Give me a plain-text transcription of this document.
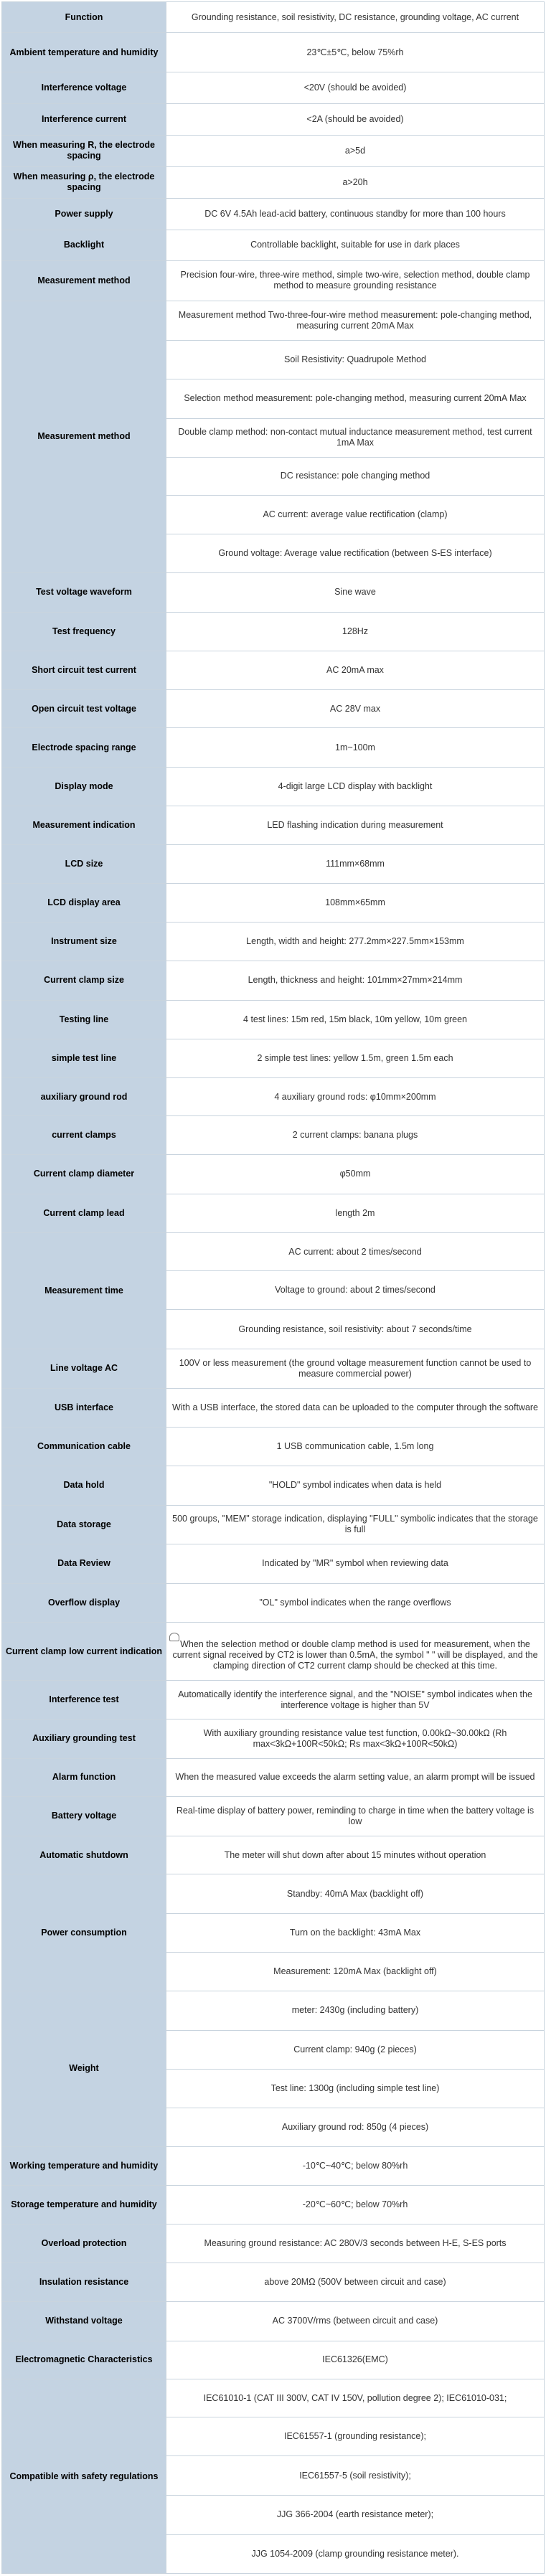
Function	Grounding resistance, soil resistivity, DC resistance, grounding voltage, AC current
Ambient temperature and humidity	23℃±5℃, below 75%rh
Interference voltage	<20V (should be avoided)
Interference current	<2A (should be avoided)
When measuring R, the electrode spacing	a>5d
When measuring ρ, the electrode spacing	a>20h
Power supply	DC 6V 4.5Ah lead-acid battery, continuous standby for more than 100 hours
Backlight	Controllable backlight, suitable for use in dark places
Measurement method	Precision four-wire, three-wire method, simple two-wire, selection method, double clamp method to measure grounding resistance
Measurement method	Measurement method Two-three-four-wire method measurement: pole-changing method, measuring current 20mA Max
	Soil Resistivity: Quadrupole Method
	Selection method measurement: pole-changing method, measuring current 20mA Max
	Double clamp method: non-contact mutual inductance measurement method, test current 1mA Max
	DC resistance: pole changing method
	AC current: average value rectification (clamp)
	Ground voltage: Average value rectification (between S-ES interface)
Test voltage waveform	Sine wave
Test frequency	128Hz
Short circuit test current	AC 20mA max
Open circuit test voltage	AC 28V max
Electrode spacing range	1m~100m
Display mode	4-digit large LCD display with backlight
Measurement indication	LED flashing indication during measurement
LCD size	111mm×68mm
LCD display area	108mm×65mm
Instrument size	Length, width and height: 277.2mm×227.5mm×153mm
Current clamp size	Length, thickness and height: 101mm×27mm×214mm
Testing line	4 test lines: 15m red, 15m black, 10m yellow, 10m green
simple test line	2 simple test lines: yellow 1.5m, green 1.5m each
auxiliary ground rod	4 auxiliary ground rods: φ10mm×200mm
current clamps	2 current clamps: banana plugs
Current clamp diameter	φ50mm
Current clamp lead	length 2m
Measurement time	AC current: about 2 times/second
	Voltage to ground: about 2 times/second
	Grounding resistance, soil resistivity: about 7 seconds/time
Line voltage AC	100V or less measurement (the ground voltage measurement function cannot be used to measure commercial power)
USB interface	With a USB interface, the stored data can be uploaded to the computer through the software
Communication cable	1 USB communication cable, 1.5m long
Data hold	"HOLD" symbol indicates when data is held
Data storage	500 groups, "MEM" storage indication, displaying "FULL" symbolic indicates that the storage is full
Data Review	Indicated by "MR" symbol when reviewing data
Overflow display	"OL" symbol indicates when the range overflows
Current clamp low current indication	When the selection method or double clamp method is used for measurement, when the current signal received by CT2 is lower than 0.5mA, the symbol " " will be displayed, and the clamping direction of CT2 current clamp should be checked at this time.
Interference test	Automatically identify the interference signal, and the "NOISE" symbol indicates when the interference voltage is higher than 5V
Auxiliary grounding test	With auxiliary grounding resistance value test function, 0.00kΩ~30.00kΩ (Rh max<3kΩ+100R<50kΩ; Rs max<3kΩ+100R<50kΩ)
Alarm function	When the measured value exceeds the alarm setting value, an alarm prompt will be issued
Battery voltage	Real-time display of battery power, reminding to charge in time when the battery voltage is low
Automatic shutdown	The meter will shut down after about 15 minutes without operation
Power consumption	Standby: 40mA Max (backlight off)
	Turn on the backlight: 43mA Max
	Measurement: 120mA Max (backlight off)
Weight	meter: 2430g (including battery)
	Current clamp: 940g (2 pieces)
	Test line: 1300g (including simple test line)
	Auxiliary ground rod: 850g (4 pieces)
Working temperature and humidity	-10℃~40℃; below 80%rh
Storage temperature and humidity	-20℃~60℃; below 70%rh
Overload protection	Measuring ground resistance: AC 280V/3 seconds between H-E, S-ES ports
Insulation resistance	above 20MΩ (500V between circuit and case)
Withstand voltage	AC 3700V/rms (between circuit and case)
Electromagnetic Characteristics	IEC61326(EMC)
Compatible with safety regulations	IEC61010-1 (CAT III 300V, CAT IV 150V, pollution degree 2); IEC61010-031;
	IEC61557-1 (grounding resistance);
	IEC61557-5 (soil resistivity);
	JJG 366-2004 (earth resistance meter);
	JJG 1054-2009 (clamp grounding resistance meter).
